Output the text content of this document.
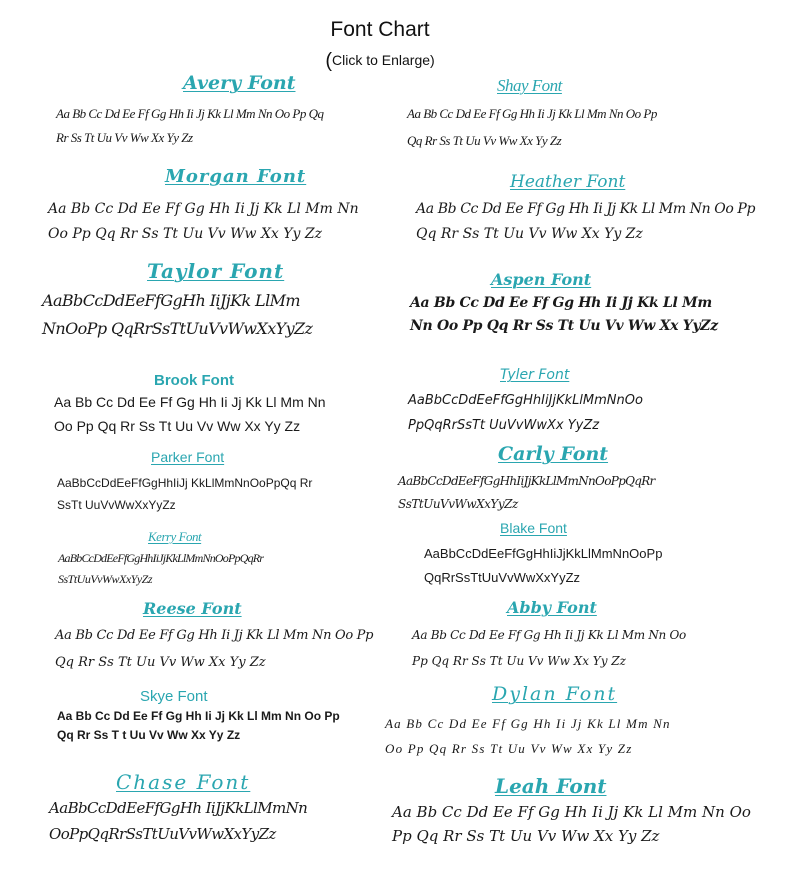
Font Chart
(Click to Enlarge)
Avery Font
Aa Bb Cc Dd Ee Ff Gg Hh Ii Jj Kk Ll Mm Nn Oo Pp Qq
Rr Ss Tt Uu Vv Ww Xx Yy Zz
Shay Font
Aa Bb Cc Dd Ee Ff Gg Hh Ii Jj Kk Ll Mm Nn Oo Pp
Qq Rr Ss Tt Uu Vv Ww Xx Yy Zz
Morgan Font
Aa Bb Cc Dd Ee Ff Gg Hh Ii Jj Kk Ll Mm Nn
Oo Pp Qq Rr Ss Tt Uu Vv Ww Xx Yy Zz
Heather Font
Aa Bb Cc Dd Ee Ff Gg Hh Ii Jj Kk Ll Mm Nn Oo Pp
Qq Rr Ss Tt Uu Vv Ww Xx Yy Zz
Taylor Font
AaBbCcDdEeFfGgHh IiJjKk LlMm
NnOoPp QqRrSsTtUuVvWwXxYyZz
Aspen Font
Aa Bb Cc Dd Ee Ff Gg Hh Ii Jj Kk Ll Mm
Nn Oo Pp Qq Rr Ss Tt Uu Vv Ww Xx YyZz
Brook Font
Aa Bb Cc Dd Ee Ff Gg Hh Ii Jj Kk Ll Mm Nn
Oo Pp Qq Rr Ss Tt Uu Vv Ww Xx Yy Zz
Tyler Font
AaBbCcDdEeFfGgHhIiJjKkLlMmNnOo
PpQqRrSsTt UuVvWwXx YyZz
Parker Font
AaBbCcDdEeFfGgHhIiJj KkLlMmNnOoPpQq Rr
SsTt UuVvWwXxYyZz
Carly Font
AaBbCcDdEeFfGgHhIiJjKkLlMmNnOoPpQqRr
SsTtUuVvWwXxYyZz
Kerry Font
AaBbCcDdEeFfGgHhIiJjKkLlMmNnOoPpQqRr
SsTtUuVvWwXxYyZz
Blake Font
AaBbCcDdEeFfGgHhIiJjKkLlMmNnOoPp
QqRrSsTtUuVvWwXxYyZz
Reese Font
Aa Bb Cc Dd Ee Ff Gg Hh Ii Jj Kk Ll Mm Nn Oo Pp
Qq Rr Ss Tt Uu Vv Ww Xx Yy Zz
Abby Font
Aa Bb Cc Dd Ee Ff Gg Hh Ii Jj Kk Ll Mm Nn Oo
Pp Qq Rr Ss Tt Uu Vv Ww Xx Yy Zz
Skye Font
Aa Bb Cc Dd Ee Ff Gg Hh Ii Jj Kk Ll Mm Nn Oo Pp
Qq Rr Ss T t Uu Vv Ww Xx Yy Zz
Dylan Font
Aa Bb Cc Dd Ee Ff Gg Hh Ii Jj Kk Ll Mm Nn
Oo Pp Qq Rr Ss Tt Uu Vv Ww Xx Yy Zz
Chase Font
AaBbCcDdEeFfGgHh IiJjKkLlMmNn
OoPpQqRrSsTtUuVvWwXxYyZz
Leah Font
Aa Bb Cc Dd Ee Ff Gg Hh Ii Jj Kk Ll Mm Nn Oo
Pp Qq Rr Ss Tt Uu Vv Ww Xx Yy Zz
